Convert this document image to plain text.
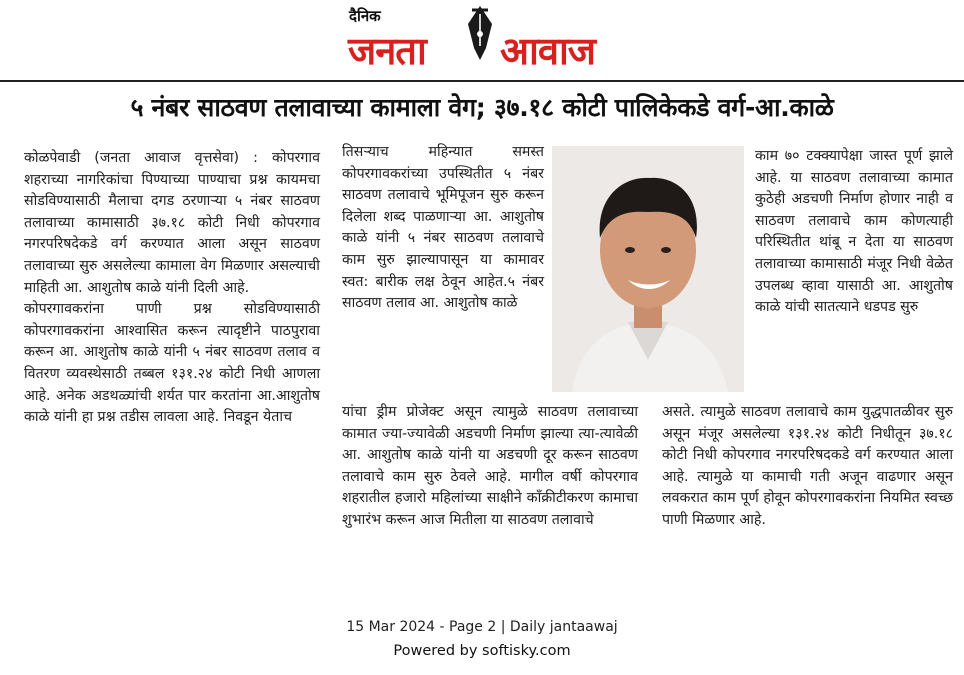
दैनिक
जनता आवाज
५ नंबर साठवण तलावाच्या कामाला वेग; ३७.१८ कोटी पालिकेकडे वर्ग-आ.काळे

कोळपेवाडी (जनता आवाज वृत्तसेवा) : कोपरगाव शहराच्या नागरिकांचा पिण्याच्या पाण्याचा प्रश्न कायमचा सोडविण्यासाठी मैलाचा दगड ठरणाऱ्या ५ नंबर साठवण तलावाच्या कामासाठी ३७.१८ कोटी निधी कोपरगाव नगरपरिषदेकडे वर्ग करण्यात आला असून साठवण तलावाच्या सुरु असलेल्या कामाला वेग मिळणार असल्याची माहिती आ. आशुतोष काळे यांनी दिली आहे.

कोपरगावकरांना पाणी प्रश्न सोडविण्यासाठी कोपरगावकरांना आश्वासित करून त्यादृष्टीने पाठपुरावा करून आ. आशुतोष काळे यांनी ५ नंबर साठवण तलाव व वितरण व्यवस्थेसाठी तब्बल १३१.२४ कोटी निधी आणला आहे. अनेक अडथळ्यांची शर्यत पार करतांना आ.आशुतोष काळे यांनी हा प्रश्न तडीस लावला आहे. निवडून येताच

तिसऱ्याच महिन्यात समस्त कोपरगावकरांच्या उपस्थितीत ५ नंबर साठवण तलावाचे भूमिपूजन सुरु करून दिलेला शब्द पाळणाऱ्या आ. आशुतोष काळे यांनी ५ नंबर साठवण तलावाचे काम सुरु झाल्यापासून या कामावर स्वत: बारीक लक्ष ठेवून आहेत.५ नंबर साठवण तलाव आ. आशुतोष काळे
यांचा ड्रीम प्रोजेक्ट असून त्यामुळे साठवण तलावाच्या कामात ज्या-ज्यावेळी अडचणी निर्माण झाल्या त्या-त्यावेळी आ. आशुतोष काळे यांनी या अडचणी दूर करून साठवण तलावाचे काम सुरु ठेवले आहे. मागील वर्षी कोपरगाव शहरातील हजारो महिलांच्या साक्षीने काँक्रीटीकरण कामाचा शुभारंभ करून आज मितीला या साठवण तलावाचे
काम ७० टक्क्यापेक्षा जास्त पूर्ण झाले आहे. या साठवण तलावाच्या कामात कुठेही अडचणी निर्माण होणार नाही व साठवण तलावाचे काम कोणत्याही परिस्थितीत थांबू न देता या साठवण तलावाच्या कामासाठी मंजूर निधी वेळेत उपलब्ध व्हावा यासाठी आ. आशुतोष काळे यांची सातत्याने धडपड सुरु
असते. त्यामुळे साठवण तलावाचे काम युद्धपातळीवर सुरु असून मंजूर असलेल्या १३१.२४ कोटी निधीतून ३७.१८ कोटी निधी कोपरगाव नगरपरिषदकडे वर्ग करण्यात आला आहे. त्यामुळे या कामाची गती अजून वाढणार असून लवकरात काम पूर्ण होवून कोपरगावकरांना नियमित स्वच्छ पाणी मिळणार आहे.
15 Mar 2024 - Page 2 | Daily jantaawaj
Powered by softisky.com
